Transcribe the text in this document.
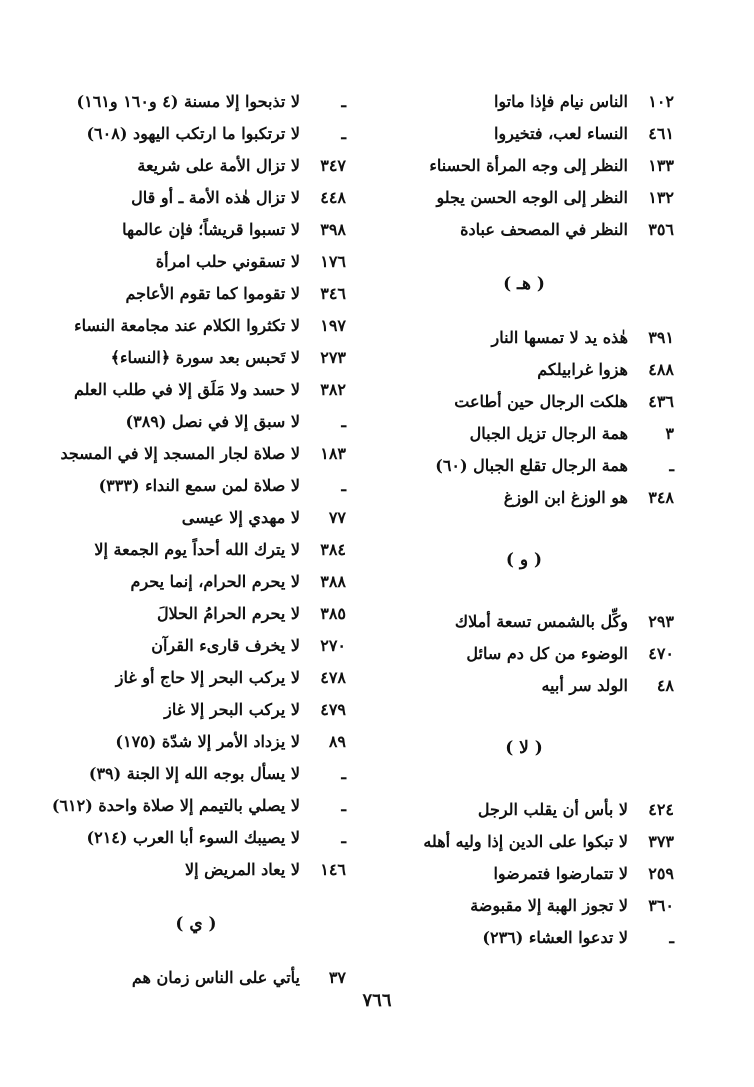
١٠٢
الناس نيام فإذا ماتوا
٤٦١
النساء لعب، فتخيروا
١٣٣
النظر إلى وجه المرأة الحسناء
١٣٢
النظر إلى الوجه الحسن يجلو
٣٥٦
النظر في المصحف عبادة
( هـ )
٣٩١
هٰذه يد لا تمسها النار
٤٨٨
هزوا غرابيلكم
٤٣٦
هلكت الرجال حين أطاعت
٣
همة الرجال تزيل الجبال
ـ
همة الرجال تقلع الجبال (٦٠)
٣٤٨
هو الوزغ ابن الوزغ
( و )
٢٩٣
وكِّل بالشمس تسعة أملاك
٤٧٠
الوضوء من كل دم سائل
٤٨
الولد سر أبيه
( لا )
٤٢٤
لا بأس أن يقلب الرجل
٣٧٣
لا تبكوا على الدين إذا وليه أهله
٢٥٩
لا تتمارضوا فتمرضوا
٣٦٠
لا تجوز الهبة إلا مقبوضة
ـ
لا تدعوا العشاء (٢٣٦)
ـ
لا تذبحوا إلا مسنة (٤ و١٦٠ و١٦١)
ـ
لا ترتكبوا ما ارتكب اليهود (٦٠٨)
٣٤٧
لا تزال الأمة على شريعة
٤٤٨
لا تزال هٰذه الأمة ـ أو قال
٣٩٨
لا تسبوا قريشاً؛ فإن عالمها
١٧٦
لا تسقوني حلب امرأة
٣٤٦
لا تقوموا كما تقوم الأعاجم
١٩٧
لا تكثروا الكلام عند مجامعة النساء
٢٧٣
لا تَحبس بعد سورة ﴿النساء﴾
٣٨٢
لا حسد ولا مَلَق إلا في طلب العلم
ـ
لا سبق إلا في نصل (٣٨٩)
١٨٣
لا صلاة لجار المسجد إلا في المسجد
ـ
لا صلاة لمن سمع النداء (٣٣٣)
٧٧
لا مهدي إلا عيسى
٣٨٤
لا يترك الله أحداً يوم الجمعة إلا
٣٨٨
لا يحرم الحرام، إنما يحرم
٣٨٥
لا يحرم الحرامُ الحلالَ
٢٧٠
لا يخرف قارىء القرآن
٤٧٨
لا يركب البحر إلا حاج أو غاز
٤٧٩
لا يركب البحر إلا غاز
٨٩
لا يزداد الأمر إلا شدّة (١٧٥)
ـ
لا يسأل بوجه الله إلا الجنة (٣٩)
ـ
لا يصلي بالتيمم إلا صلاة واحدة (٦١٢)
ـ
لا يصيبك السوء أبا العرب (٢١٤)
١٤٦
لا يعاد المريض إلا
( ي )
٣٧
يأتي على الناس زمان هم
٧٦٦
